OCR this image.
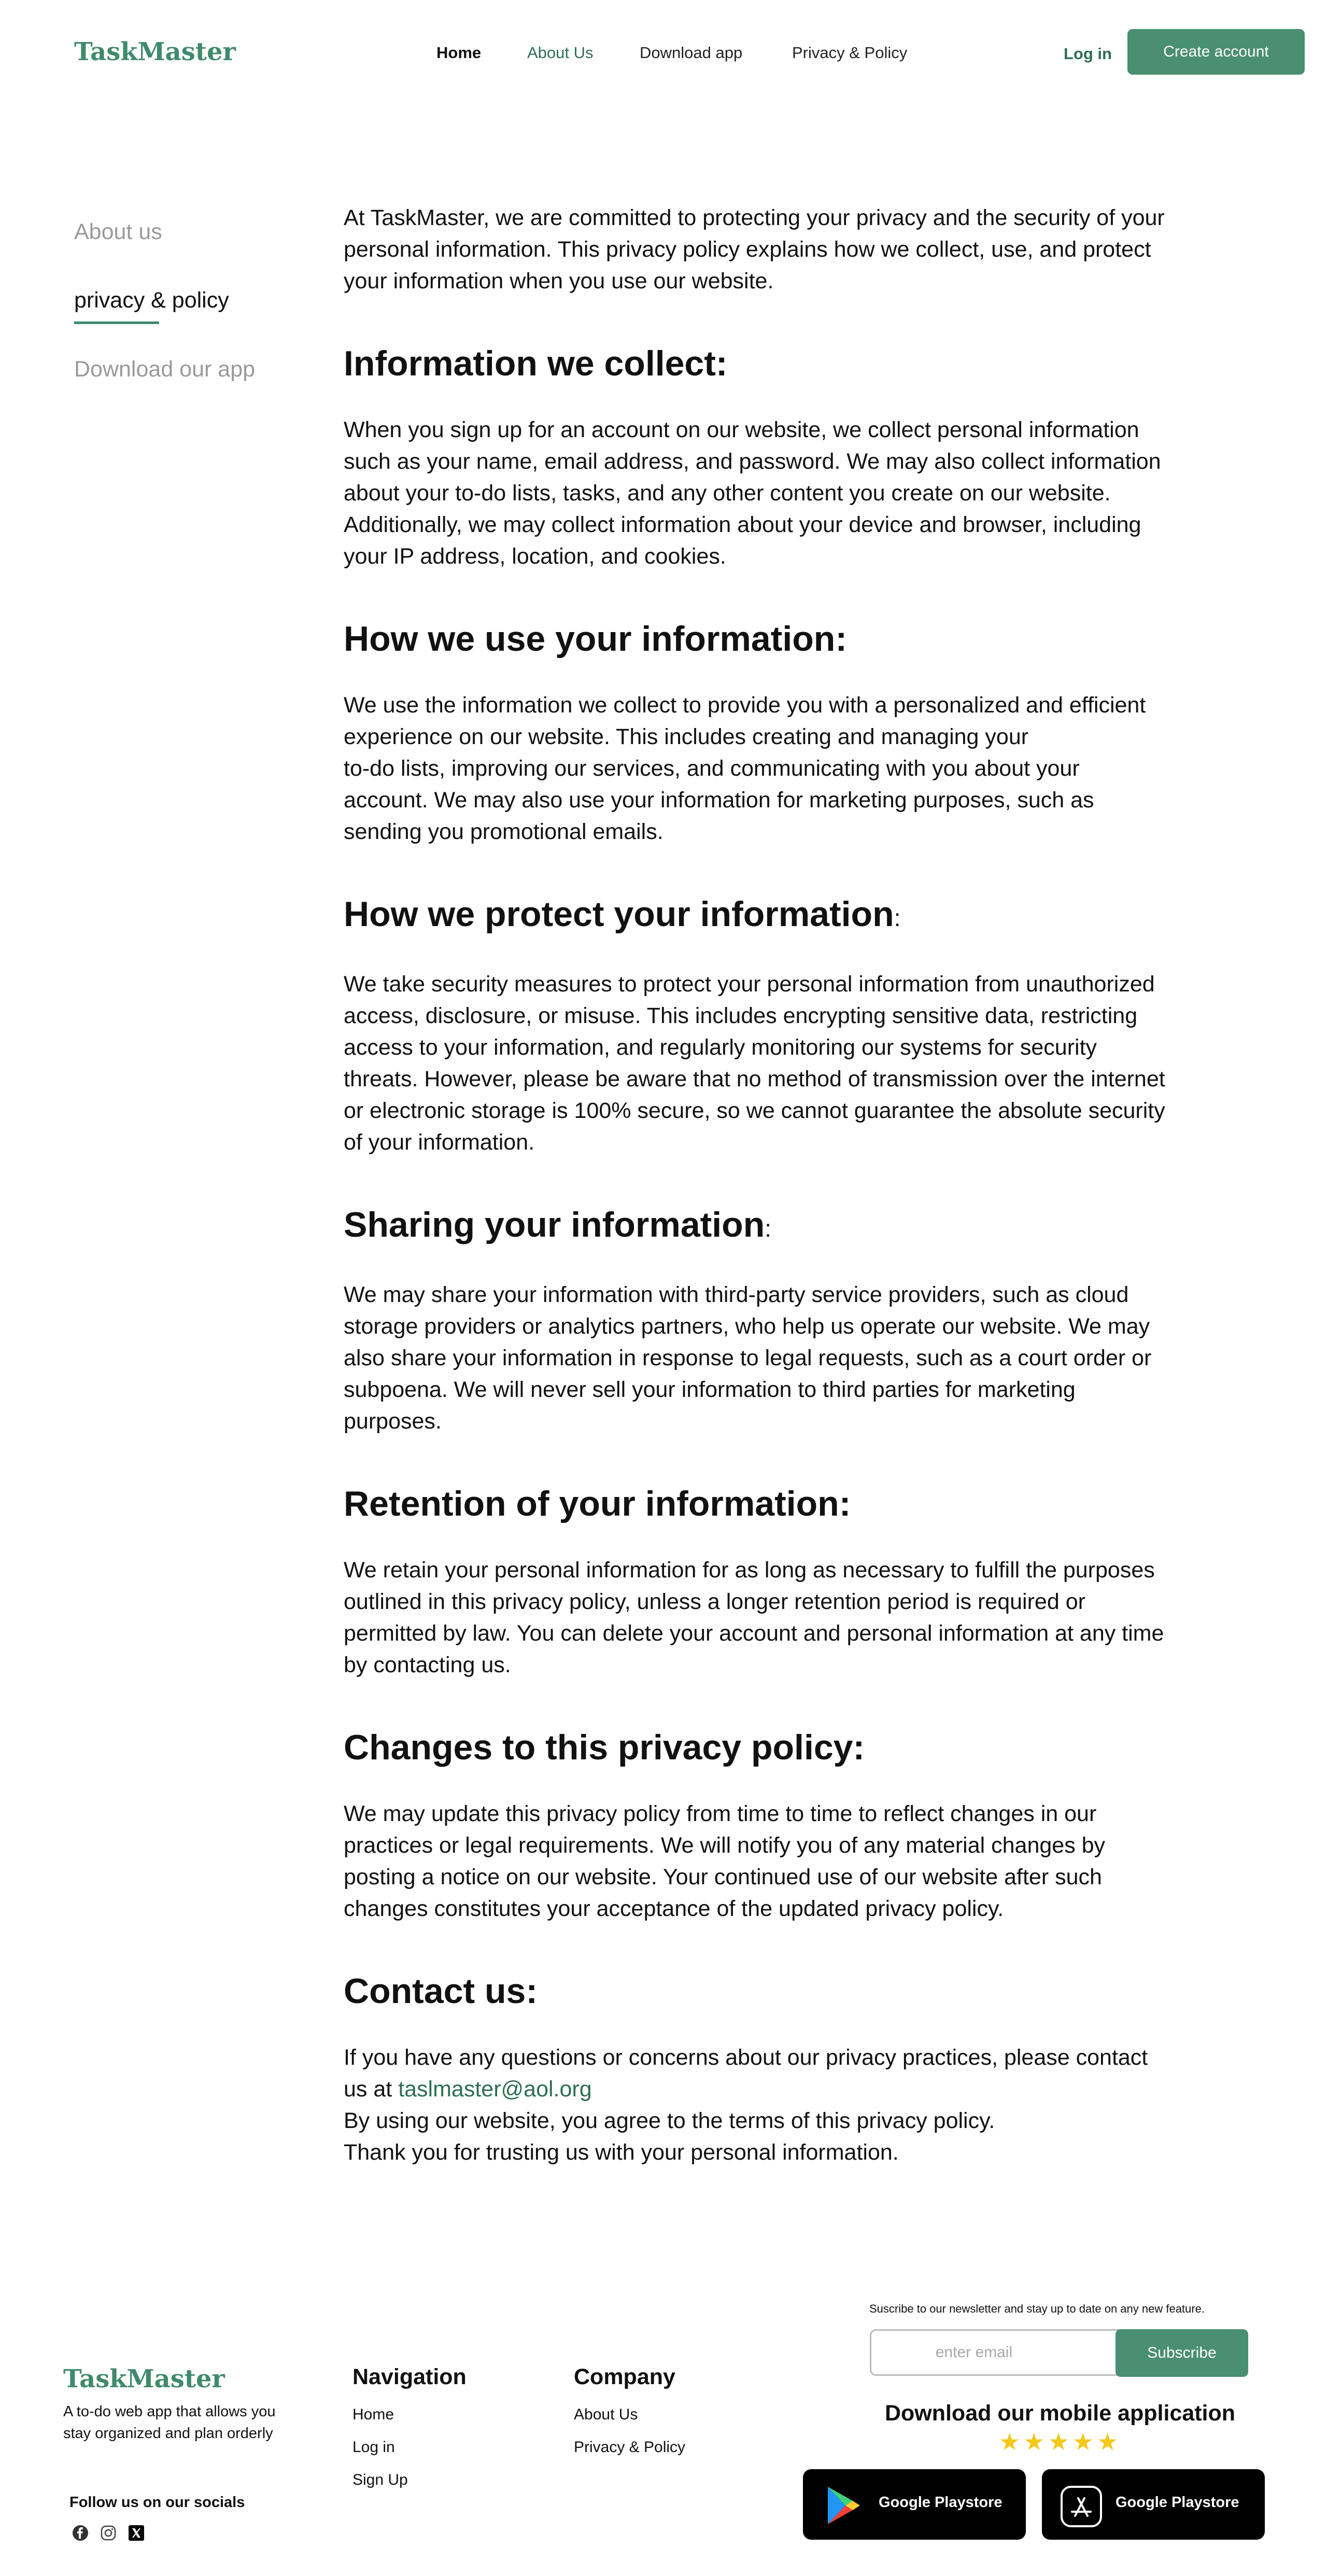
TaskMaster	Home	About Us	Download app	Privacy & Policy	Log in	Create account
About us
privacy & policy
Download our app

At TaskMaster, we are committed to protecting your privacy and the security of your personal information. This privacy policy explains how we collect, use, and protect your information when you use our website.

Information we collect:

When you sign up for an account on our website, we collect personal information such as your name, email address, and password. We may also collect information about your to-do lists, tasks, and any other content you create on our website. Additionally, we may collect information about your device and browser, including your IP address, location, and cookies.

How we use your information:

We use the information we collect to provide you with a personalized and efficient experience on our website. This includes creating and managing your
to-do lists, improving our services, and communicating with you about your account. We may also use your information for marketing purposes, such as sending you promotional emails.

How we protect your information:

We take security measures to protect your personal information from unauthorized access, disclosure, or misuse. This includes encrypting sensitive data, restricting access to your information, and regularly monitoring our systems for security threats. However, please be aware that no method of transmission over the internet or electronic storage is 100% secure, so we cannot guarantee the absolute security of your information.

Sharing your information:

We may share your information with third-party service providers, such as cloud storage providers or analytics partners, who help us operate our website. We may also share your information in response to legal requests, such as a court order or subpoena. We will never sell your information to third parties for marketing purposes.

Retention of your information:

We retain your personal information for as long as necessary to fulfill the purposes outlined in this privacy policy, unless a longer retention period is required or permitted by law. You can delete your account and personal information at any time by contacting us.

Changes to this privacy policy:

We may update this privacy policy from time to time to reflect changes in our practices or legal requirements. We will notify you of any material changes by posting a notice on our website. Your continued use of our website after such changes constitutes your acceptance of the updated privacy policy.

Contact us:

If you have any questions or concerns about our privacy practices, please contact us at taslmaster@aol.org
By using our website, you agree to the terms of this privacy policy.
Thank you for trusting us with your personal information.

TaskMaster
A to-do web app that allows you stay organized and plan orderly
Follow us on our socials
Navigation
Home
Log in
Sign Up
Company
About Us
Privacy & Policy
Suscribe to our newsletter and stay up to date on any new feature.
enter email
Subscribe
Download our mobile application
★★★★★
Google Playstore	Google Playstore
